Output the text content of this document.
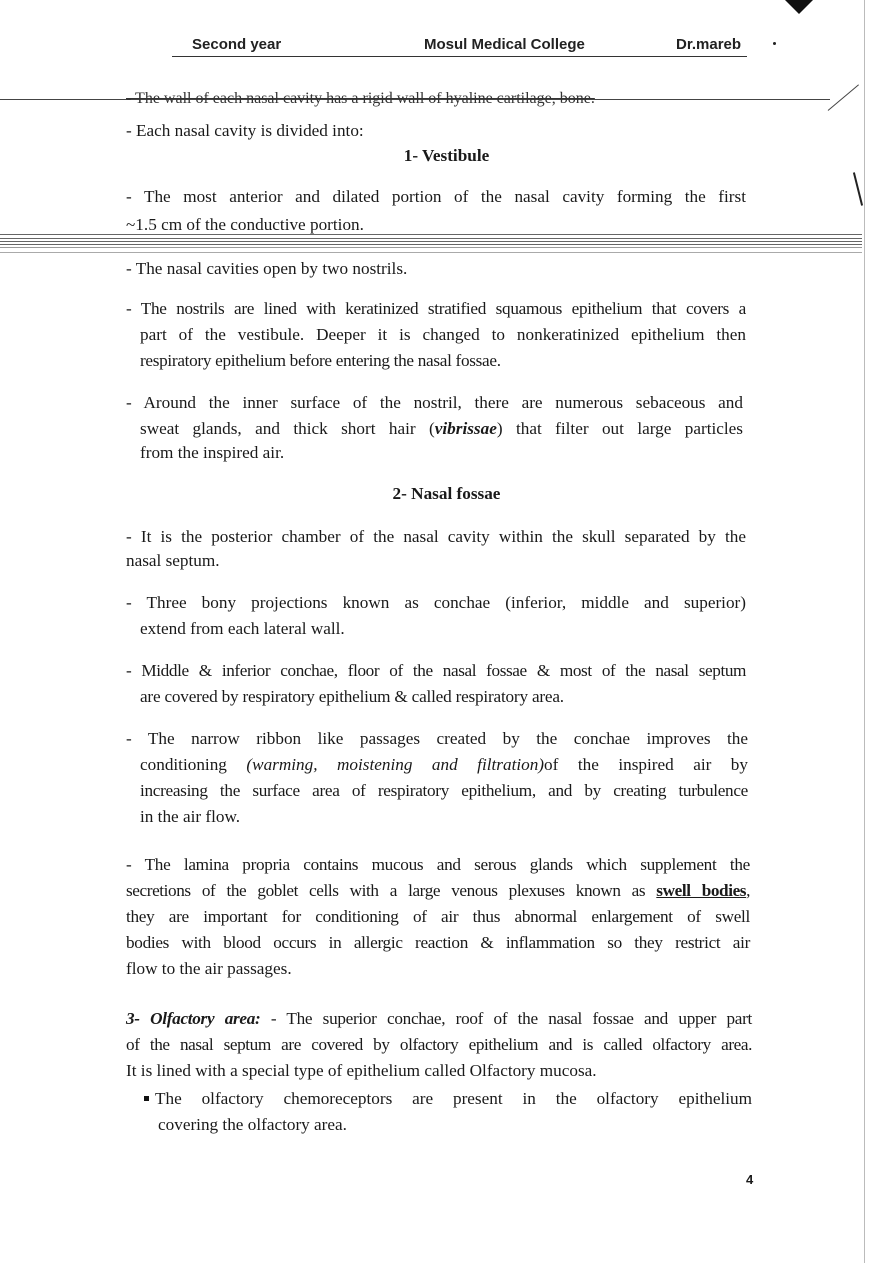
Second year	Mosul Medical College	Dr.mareb
- The wall of each nasal cavity has a rigid wall of hyaline cartilage, bone.
- Each nasal cavity is divided into:
1- Vestibule
- The most anterior and dilated portion of the nasal cavity forming the first
~1.5 cm of the conductive portion.
- The nasal cavities open by two nostrils.
- The nostrils are lined with keratinized stratified squamous epithelium that covers a
part of the vestibule. Deeper it is changed to nonkeratinized epithelium then
respiratory epithelium before entering the nasal fossae.
- Around the inner surface of the nostril, there are numerous sebaceous and
sweat glands, and thick short hair (vibrissae) that filter out large particles
from the inspired air.
2- Nasal fossae
- It is the posterior chamber of the nasal cavity within the skull separated by the
nasal septum.
- Three bony projections known as conchae (inferior, middle and superior)
extend from each lateral wall.
- Middle & inferior conchae, floor of the nasal fossae & most of the nasal septum
are covered by respiratory epithelium & called respiratory area.
- The narrow ribbon like passages created by the conchae improves the
conditioning (warming, moistening and filtration)of the inspired air by
increasing the surface area of respiratory epithelium, and by creating turbulence
in the air flow.
- The lamina propria contains mucous and serous glands which supplement the
secretions of the goblet cells with a large venous plexuses known as swell bodies,
they are important for conditioning of air thus abnormal enlargement of swell
bodies with blood occurs in allergic reaction & inflammation so they restrict air
flow to the air passages.
3- Olfactory area: - The superior conchae, roof of the nasal fossae and upper part
of the nasal septum are covered by olfactory epithelium and is called olfactory area.
It is lined with a special type of epithelium called Olfactory mucosa.
The olfactory chemoreceptors are present in the olfactory epithelium
covering the olfactory area.
4
